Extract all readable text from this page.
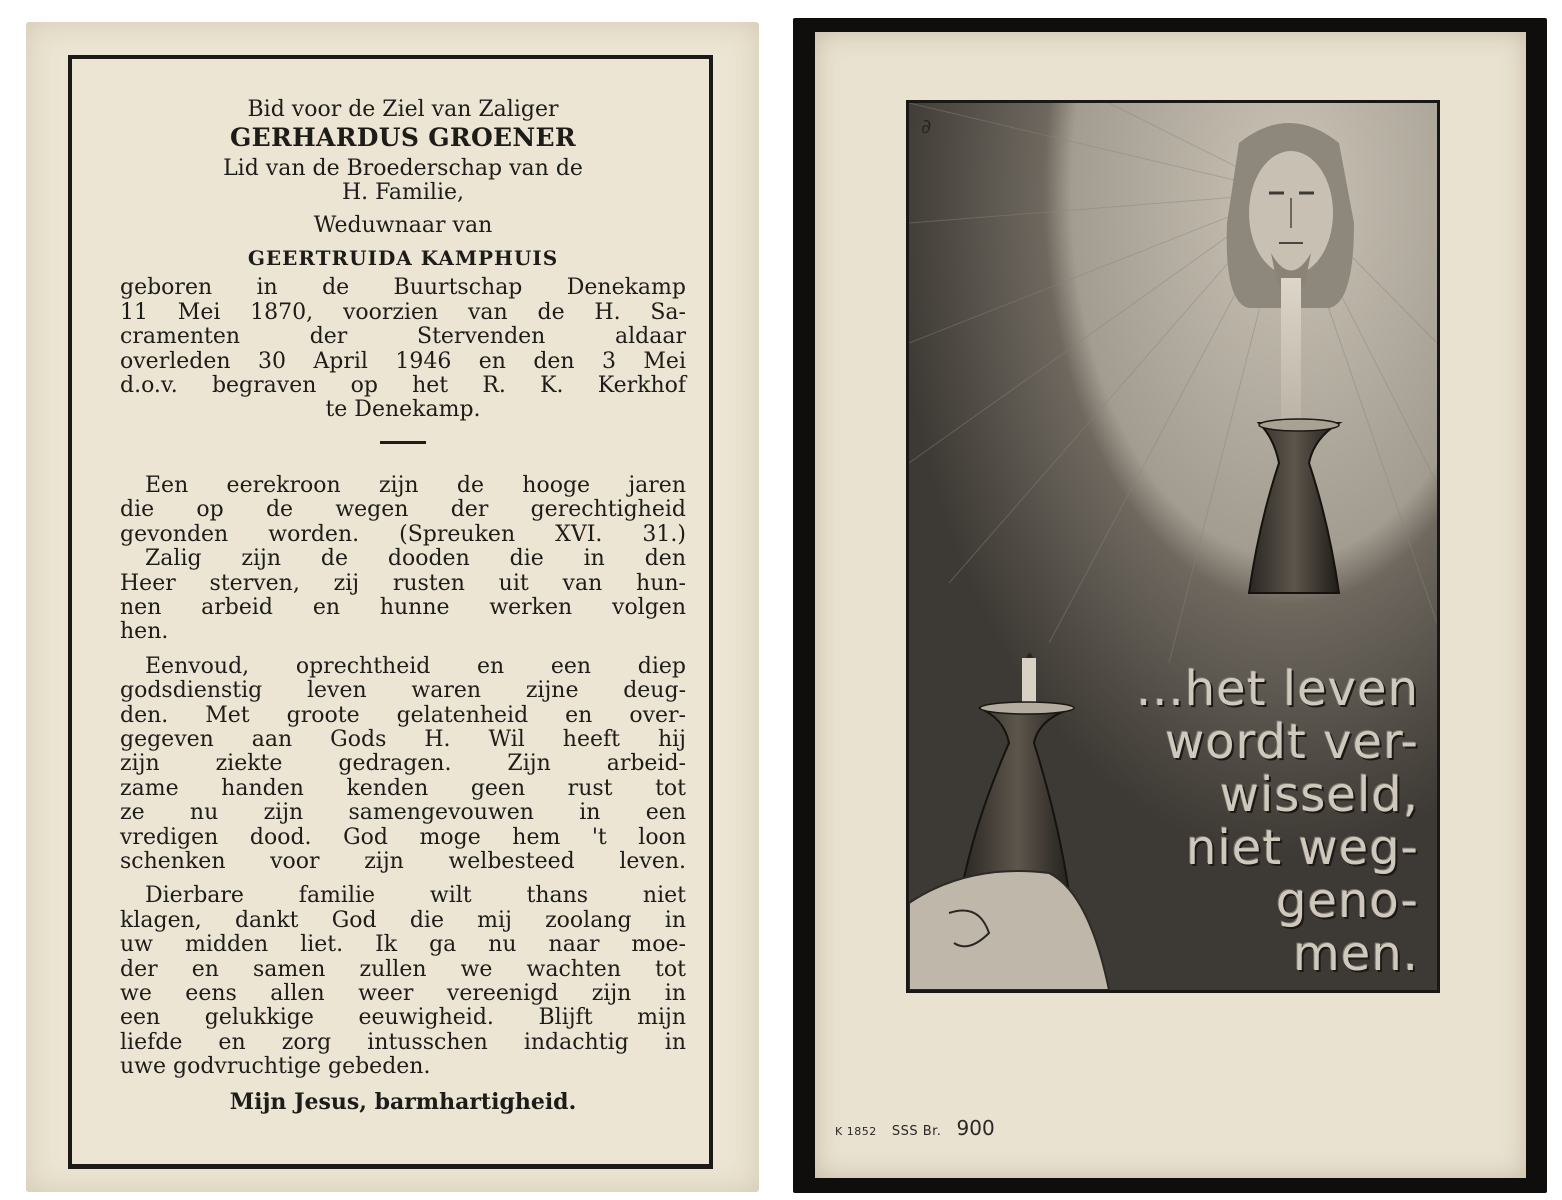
Bid voor de Ziel van Zaliger
GERHARDUS GROENER
Lid van de Broederschap van de
H. Familie,
Weduwnaar van
GEERTRUIDA KAMPHUIS

geboren in de Buurtschap Denekamp

11 Mei 1870, voorzien van de H. Sa-

cramenten der Stervenden aldaar

overleden 30 April 1946 en den 3 Mei

d.o.v. begraven op het R. K. Kerkhof

te Denekamp.

Een eerekroon zijn de hooge jaren

die op de wegen der gerechtigheid

gevonden worden. (Spreuken XVI. 31.)

Zalig zijn de dooden die in den

Heer sterven, zij rusten uit van hun-

nen arbeid en hunne werken volgen

hen.

Eenvoud, oprechtheid en een diep

godsdienstig leven waren zijne deug-

den. Met groote gelatenheid en over-

gegeven aan Gods H. Wil heeft hij

zijn ziekte gedragen. Zijn arbeid-

zame handen kenden geen rust tot

ze nu zijn samengevouwen in een

vredigen dood. God moge hem 't loon

schenken voor zijn welbesteed leven.

Dierbare familie wilt thans niet

klagen, dankt God die mij zoolang in

uw midden liet. Ik ga nu naar moe-

der en samen zullen we wachten tot

we eens allen weer vereenigd zijn in

een gelukkige eeuwigheid. Blijft mijn

liefde en zorg intusschen indachtig in

uwe godvruchtige gebeden.

Mijn Jesus, barmhartigheid.
∂
...het leven
wordt ver-
wisseld,
niet weg-
geno-
men.
K 1852 SSS Br. 900
